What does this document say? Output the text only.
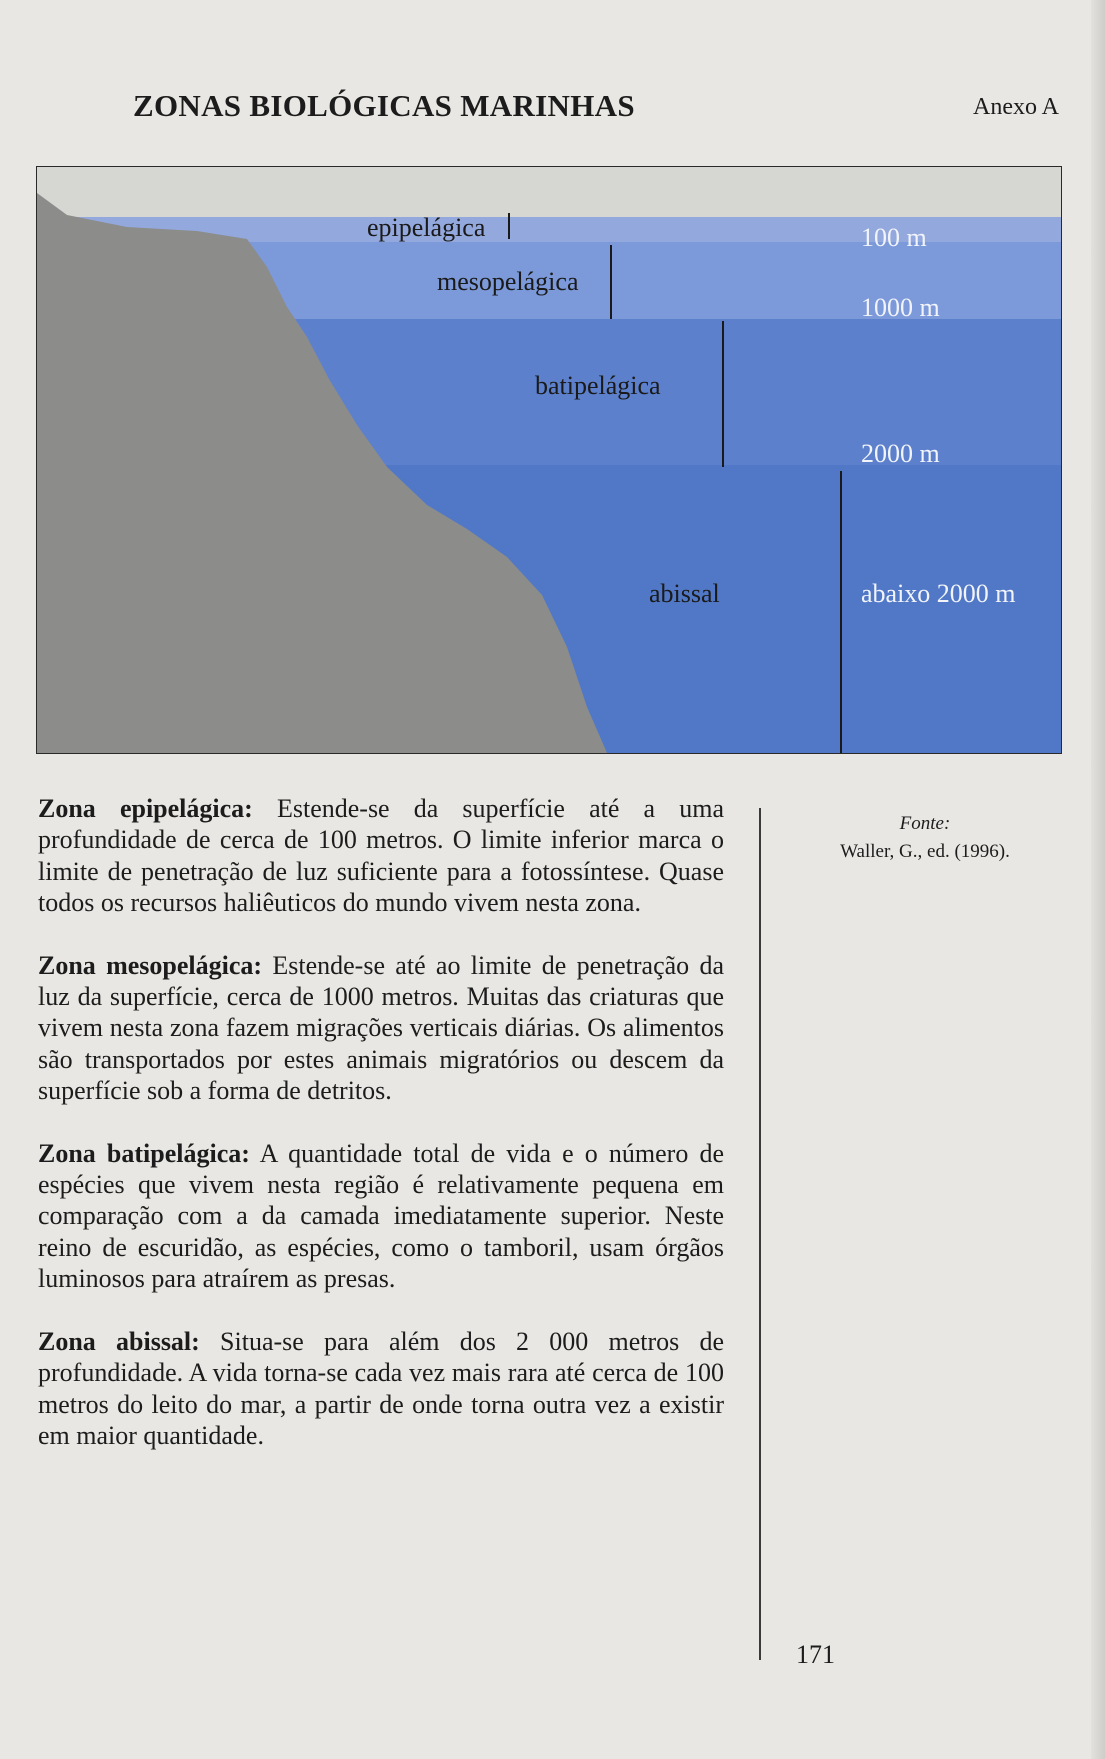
ZONAS BIOLÓGICAS MARINHAS	Anexo A
epipelágica
mesopelágica
batipelágica
abissal
100 m
1000 m
2000 m
abaixo 2000 m

Zona epipelágica: Estende-se da superfície até a uma profundidade de cerca de 100 metros. O limite inferior marca o limite de penetração de luz suficiente para a fotossíntese. Quase todos os recursos haliêuticos do mundo vivem nesta zona.

Zona mesopelágica: Estende-se até ao limite de penetração da luz da superfície, cerca de 1000 metros. Muitas das criaturas que vivem nesta zona fazem migrações verticais diárias. Os alimentos são transportados por estes animais migratórios ou descem da superfície sob a forma de detritos.

Zona batipelágica: A quantidade total de vida e o número de espécies que vivem nesta região é relativamente pequena em comparação com a da camada imediatamente superior. Neste reino de escuridão, as espécies, como o tamboril, usam órgãos luminosos para atraírem as presas.

Zona abissal: Situa-se para além dos 2 000 metros de profundidade. A vida torna-se cada vez mais rara até cerca de 100 metros do leito do mar, a partir de onde torna outra vez a existir em maior quantidade.

Fonte:
Waller, G., ed. (1996).
171
